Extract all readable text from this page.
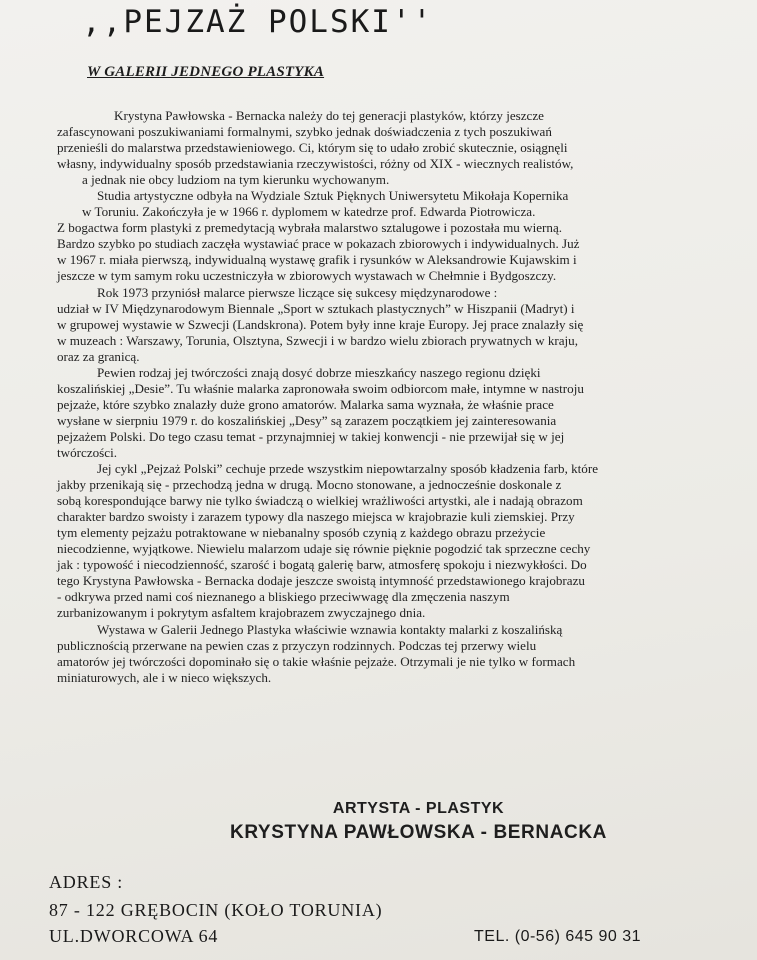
,,PEJZAŻ POLSKI''
W GALERII JEDNEGO PLASTYKA

Krystyna Pawłowska - Bernacka należy do tej generacji plastyków, którzy jeszcze
zafascynowani poszukiwaniami formalnymi, szybko jednak doświadczenia z tych poszukiwań
przenieśli do malarstwa przedstawieniowego. Ci, którym się to udało zrobić skutecznie, osiągnęli
własny, indywidualny sposób przedstawiania rzeczywistości, różny od XIX - wiecznych realistów,
a jednak nie obcy ludziom na tym kierunku wychowanym.

Studia artystyczne odbyła na Wydziale Sztuk Pięknych Uniwersytetu Mikołaja Kopernika
w Toruniu. Zakończyła je w 1966 r. dyplomem w katedrze prof. Edwarda Piotrowicza.
Z bogactwa form plastyki z premedytacją wybrała malarstwo sztalugowe i pozostała mu wierną.
Bardzo szybko po studiach zaczęła wystawiać prace w pokazach zbiorowych i indywidualnych. Już
w 1967 r. miała pierwszą, indywidualną wystawę grafik i rysunków w Aleksandrowie Kujawskim i
jeszcze w tym samym roku uczestniczyła w zbiorowych wystawach w Chełmnie i Bydgoszczy.

Rok 1973 przyniósł malarce pierwsze liczące się sukcesy międzynarodowe :
udział w IV Międzynarodowym Biennale „Sport w sztukach plastycznych” w Hiszpanii (Madryt) i
w grupowej wystawie w Szwecji (Landskrona). Potem były inne kraje Europy. Jej prace znalazły się
w muzeach : Warszawy, Torunia, Olsztyna, Szwecji i w bardzo wielu zbiorach prywatnych w kraju,
oraz za granicą.

Pewien rodzaj jej twórczości znają dosyć dobrze mieszkańcy naszego regionu dzięki
koszalińskiej „Desie”. Tu właśnie malarka zapronowała swoim odbiorcom małe, intymne w nastroju
pejzaże, które szybko znalazły duże grono amatorów. Malarka sama wyznała, że właśnie prace
wysłane w sierpniu 1979 r. do koszalińskiej „Desy” są zarazem początkiem jej zainteresowania
pejzażem Polski. Do tego czasu temat - przynajmniej w takiej konwencji - nie przewijał się w jej
twórczości.

Jej cykl „Pejzaż Polski” cechuje przede wszystkim niepowtarzalny sposób kładzenia farb, które
jakby przenikają się - przechodzą jedna w drugą. Mocno stonowane, a jednocześnie doskonale z
sobą korespondujące barwy nie tylko świadczą o wielkiej wrażliwości artystki, ale i nadają obrazom
charakter bardzo swoisty i zarazem typowy dla naszego miejsca w krajobrazie kuli ziemskiej. Przy
tym elementy pejzażu potraktowane w niebanalny sposób czynią z każdego obrazu przeżycie
niecodzienne, wyjątkowe. Niewielu malarzom udaje się równie pięknie pogodzić tak sprzeczne cechy
jak : typowość i niecodzienność, szarość i bogatą galerię barw, atmosferę spokoju i niezwykłości. Do
tego Krystyna Pawłowska - Bernacka dodaje jeszcze swoistą intymność przedstawionego krajobrazu
- odkrywa przed nami coś nieznanego a bliskiego przeciwwagę dla zmęczenia naszym
zurbanizowanym i pokrytym asfaltem krajobrazem zwyczajnego dnia.

Wystawa w Galerii Jednego Plastyka właściwie wznawia kontakty malarki z koszalińską
publicznością przerwane na pewien czas z przyczyn rodzinnych. Podczas tej przerwy wielu
amatorów jej twórczości dopominało się o takie właśnie pejzaże. Otrzymali je nie tylko w formach
miniaturowych, ale i w nieco większych.

ARTYSTA - PLASTYK
KRYSTYNA PAWŁOWSKA - BERNACKA
ADRES :
87 - 122 GRĘBOCIN (KOŁO TORUNIA)
UL.DWORCOWA 64	TEL. (0-56) 645 90 31
